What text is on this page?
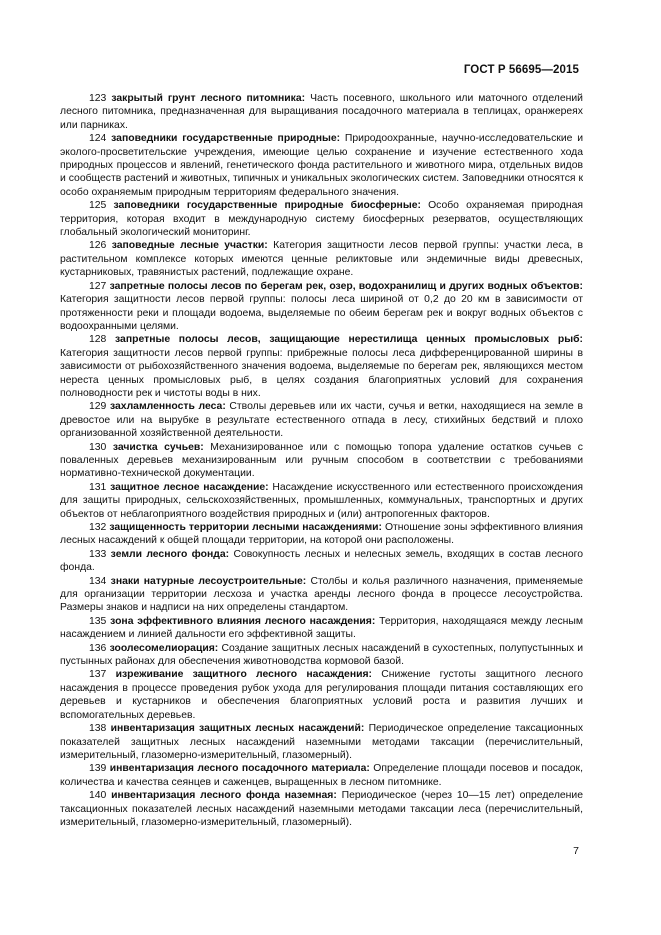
ГОСТ Р 56695—2015

123 закрытый грунт лесного питомника: Часть посевного, школьного или маточного отделений лесного питомника, предназначенная для выращивания посадочного материала в теплицах, оранжереях или парниках.

124 заповедники государственные природные: Природоохранные, научно-исследовательские и эколого-просветительские учреждения, имеющие целью сохранение и изучение естественного хода природных процессов и явлений, генетического фонда растительного и животного мира, отдельных видов и сообществ растений и животных, типичных и уникальных экологических систем. Заповедники относятся к особо охраняемым природным территориям федерального значения.

125 заповедники государственные природные биосферные: Особо охраняемая природная территория, которая входит в международную систему биосферных резерватов, осуществляющих глобальный экологический мониторинг.

126 заповедные лесные участки: Категория защитности лесов первой группы: участки леса, в растительном комплексе которых имеются ценные реликтовые или эндемичные виды древесных, кустарниковых, травянистых растений, подлежащие охране.

127 запретные полосы лесов по берегам рек, озер, водохранилищ и других водных объектов: Категория защитности лесов первой группы: полосы леса шириной от 0,2 до 20 км в зависимости от протяженности реки и площади водоема, выделяемые по обеим берегам рек и вокруг водных объектов с водоохранными целями.

128 запретные полосы лесов, защищающие нерестилища ценных промысловых рыб: Категория защитности лесов первой группы: прибрежные полосы леса дифференцированной ширины в зависимости от рыбохозяйственного значения водоема, выделяемые по берегам рек, являющихся местом нереста ценных промысловых рыб, в целях создания благоприятных условий для сохранения полноводности рек и чистоты воды в них.

129 захламленность леса: Стволы деревьев или их части, сучья и ветки, находящиеся на земле в древостое или на вырубке в результате естественного отпада в лесу, стихийных бедствий и плохо организованной хозяйственной деятельности.

130 зачистка сучьев: Механизированное или с помощью топора удаление остатков сучьев с поваленных деревьев механизированным или ручным способом в соответствии с требованиями нормативно-технической документации.

131 защитное лесное насаждение: Насаждение искусственного или естественного происхождения для защиты природных, сельскохозяйственных, промышленных, коммунальных, транспортных и других объектов от неблагоприятного воздействия природных и (или) антропогенных факторов.

132 защищенность территории лесными насаждениями: Отношение зоны эффективного влияния лесных насаждений к общей площади территории, на которой они расположены.

133 земли лесного фонда: Совокупность лесных и нелесных земель, входящих в состав лесного фонда.

134 знаки натурные лесоустроительные: Столбы и колья различного назначения, применяемые для организации территории лесхоза и участка аренды лесного фонда в процессе лесоустройства. Размеры знаков и надписи на них определены стандартом.

135 зона эффективного влияния лесного насаждения: Территория, находящаяся между лесным насаждением и линией дальности его эффективной защиты.

136 зоолесомелиорация: Создание защитных лесных насаждений в сухостепных, полупустынных и пустынных районах для обеспечения животноводства кормовой базой.

137 изреживание защитного лесного насаждения: Снижение густоты защитного лесного насаждения в процессе проведения рубок ухода для регулирования площади питания составляющих его деревьев и кустарников и обеспечения благоприятных условий роста и развития лучших и вспомогательных деревьев.

138 инвентаризация защитных лесных насаждений: Периодическое определение таксационных показателей защитных лесных насаждений наземными методами таксации (перечислительный, измерительный, глазомерно-измерительный, глазомерный).

139 инвентаризация лесного посадочного материала: Определение площади посевов и посадок, количества и качества сеянцев и саженцев, выращенных в лесном питомнике.

140 инвентаризация лесного фонда наземная: Периодическое (через 10—15 лет) определение таксационных показателей лесных насаждений наземными методами таксации леса (перечислительный, измерительный, глазомерно-измерительный, глазомерный).

7
